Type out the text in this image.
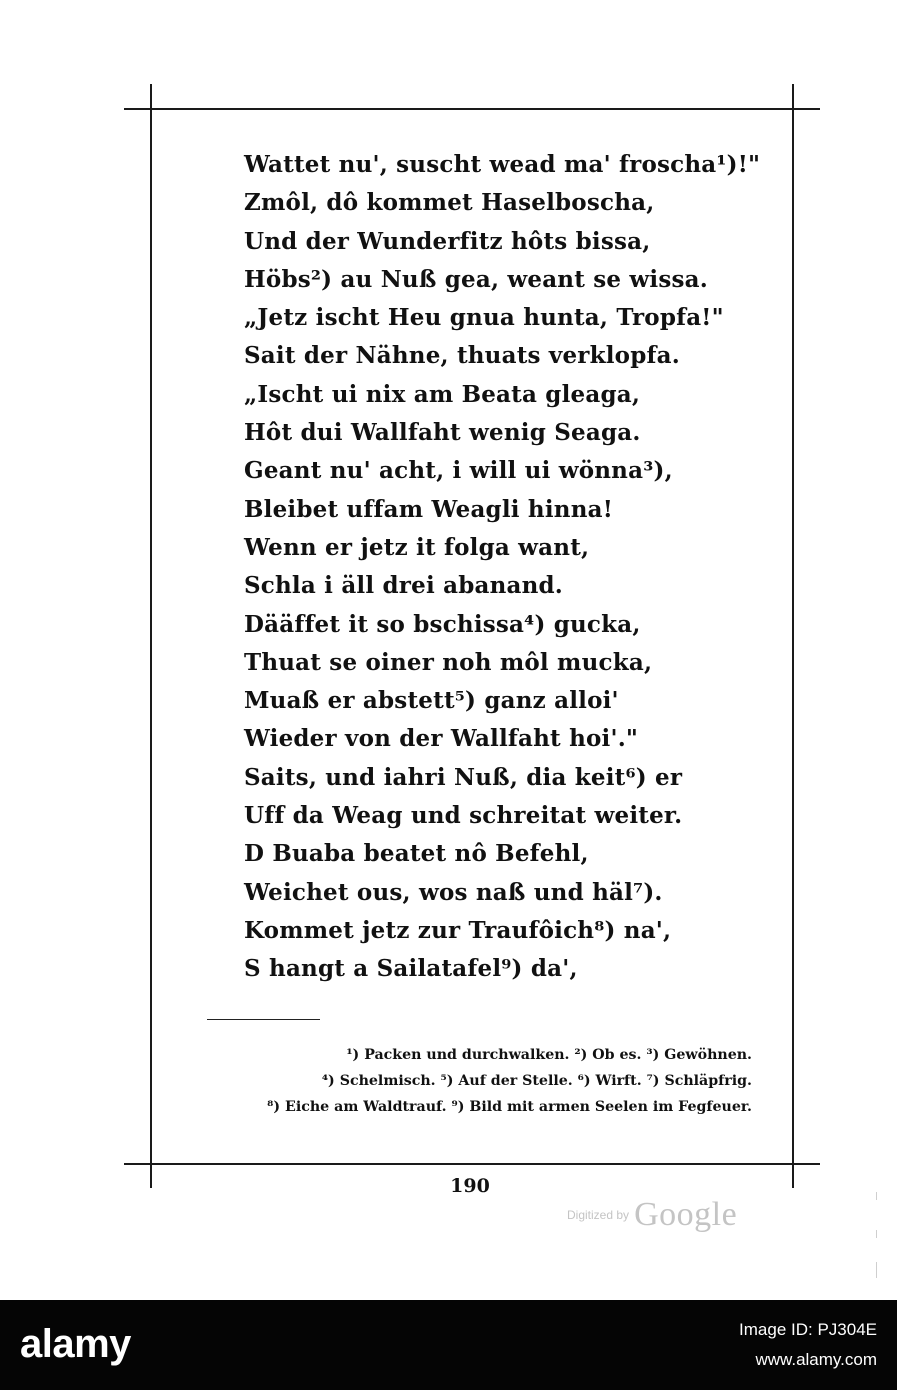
Wattet nu', suscht wead ma' froscha¹)!"
Zmôl, dô kommet Haselboscha,
Und der Wunderfitz hôts bissa,
Höbs²) au Nuß gea, weant se wissa.
„Jetz ischt Heu gnua hunta, Tropfa!"
Sait der Nähne, thuats verklopfa.
„Ischt ui nix am Beata gleaga,
Hôt dui Wallfaht wenig Seaga.
Geant nu' acht, i will ui wönna³),
Bleibet uffam Weagli hinna!
Wenn er jetz it folga want,
Schla i äll drei abanand.
Dääffet it so bschissa⁴) gucka,
Thuat se oiner noh môl mucka,
Muaß er abstett⁵) ganz alloi'
Wieder von der Wallfaht hoi'."
Saits, und iahri Nuß, dia keit⁶) er
Uff da Weag und schreitat weiter.
D Buaba beatet nô Befehl,
Weichet ous, wos naß und häl⁷).
Kommet jetz zur Traufôich⁸) na',
S hangt a Sailatafel⁹) da',
¹) Packen und durchwalken. ²) Ob es. ³) Gewöhnen.
⁴) Schelmisch. ⁵) Auf der Stelle. ⁶) Wirft. ⁷) Schläpfrig.
⁸) Eiche am Waldtrauf. ⁹) Bild mit armen Seelen im Fegfeuer.
190
$^{Digitized by}$ Google
alamy	Image ID: PJ304E
www.alamy.com
